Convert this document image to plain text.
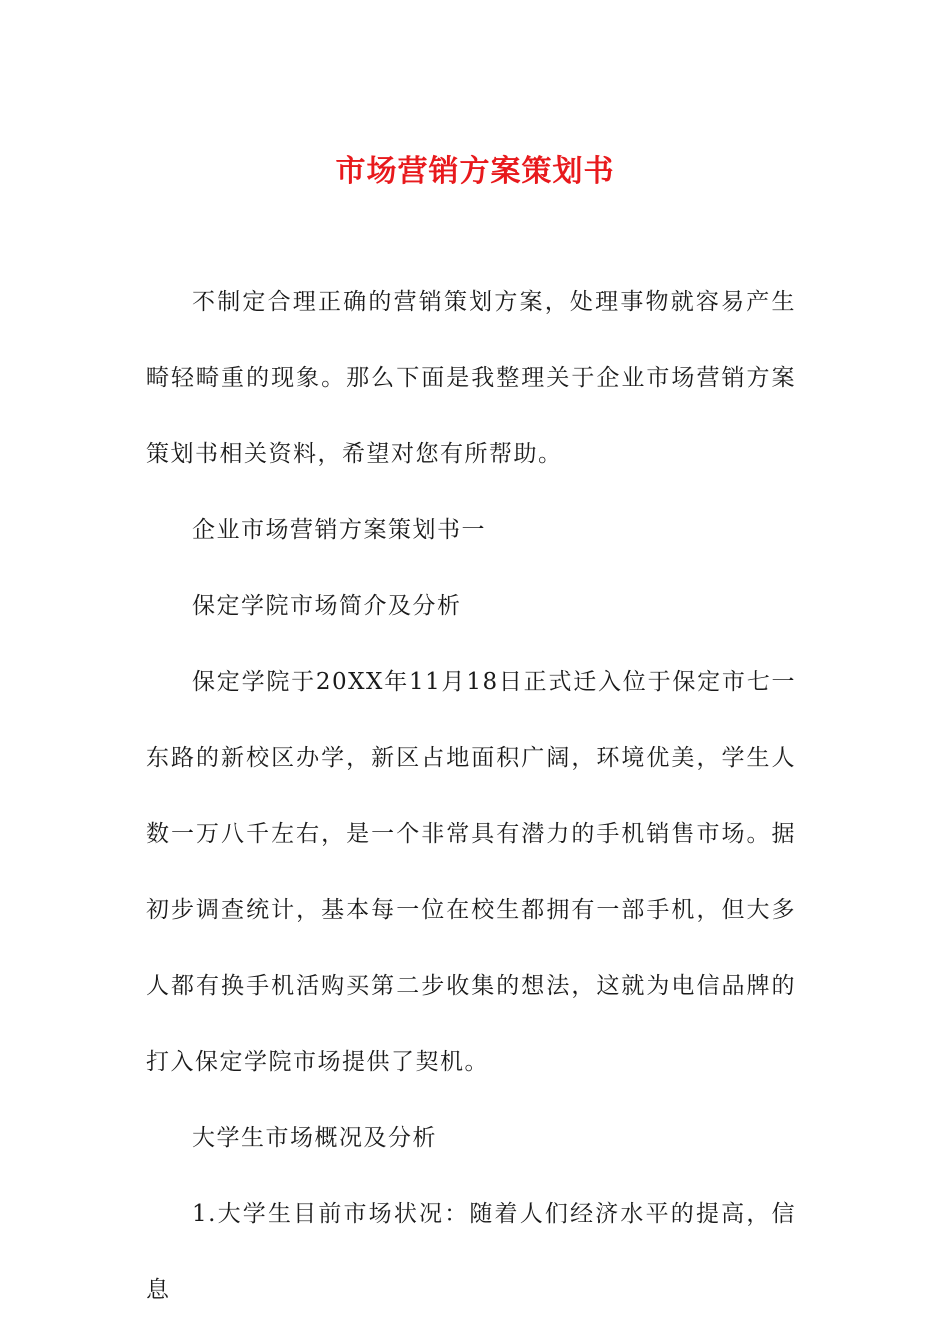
市场营销方案策划书

不制定合理正确的营销策划方案，处理事物就容易产生畸轻畸重的现象。那么下面是我整理关于企业市场营销方案策划书相关资料，希望对您有所帮助。

企业市场营销方案策划书一

保定学院市场简介及分析

保定学院于20XX年11月18日正式迁入位于保定市七一东路的新校区办学，新区占地面积广阔，环境优美，学生人数一万八千左右，是一个非常具有潜力的手机销售市场。据初步调查统计，基本每一位在校生都拥有一部手机，但大多人都有换手机活购买第二步收集的想法，这就为电信品牌的打入保定学院市场提供了契机。

大学生市场概况及分析

1.大学生目前市场状况：随着人们经济水平的提高，信息
